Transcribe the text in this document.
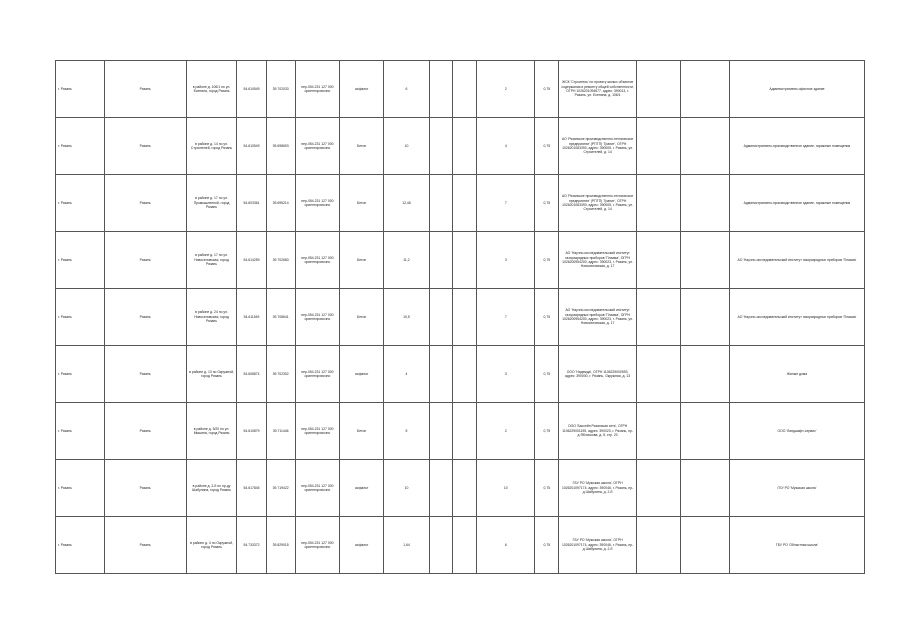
г. Рязань	Рязань	в районе д. 106/1 по ул. Есенина, город Рязань	54.610549	39.702033	нер-054.231 127 000 ориентировочно	асфальт	6			2	0,75	ЖСК 'Строитель' по проекту жилых объектов содержания и ремонту общей собственности, ОГРН 1026201094677, адрес: 390013, г. Рязань, ул. Есенина, д. 106/1			Административно-офисное здание
г. Рязань	Рязань	в районе д. 14 по ул. Строителей, город Рязань	54.610549	39.698693	нер-054.231 127 000 ориентировочно	Бетон	10			4	0,75	АО 'Рязанское производственно-техническое предприятие' (РПТП) 'Гранит', ОГРН 1026201083390, адрес: 390005, г. Рязань, ул. Строителей, д. 14			Административно-производственное здание, гаражные помещения
г. Рязань	Рязань	в районе д. 17 по ул. Промышленной, город Рязань	54.603361	39.695214	нер-054.231 127 000 ориентировочно	Бетон	12,46			7	0,75	АО 'Рязанское производственно-техническое предприятие' (РПТП) 'Гранит', ОГРН 1026201083390, адрес: 390005, г. Рязань, ул. Строителей, д. 14			Административно-производственное здание, гаражные помещения
г. Рязань	Рязань	в районе д. 17 по ул. Новоселовская, город Рязань	54.614259	39.702683	нер-054.231 127 000 ориентировочно	Бетон	11,2			3	0,75	АО 'Научно-исследовательский институт газоразрядных приборов 'Плазма', ОГРН 1026200954200, адрес: 390023, г. Рязань, ул. Новоселовская, д. 17			АО 'Научно-исследовательский институт газоразрядных приборов 'Плазма'
г. Рязань	Рязань	в районе д. 24 по ул. Новоселовская, город Рязань	54.611549	39.708641	нер-054.231 127 000 ориентировочно	Бетон	10,5			7	0,75	АО 'Научно-исследовательский институт газоразрядных приборов 'Плазма', ОГРН 1026200954200, адрес: 390023, г. Рязань, ул. Новоселовская, д. 17			АО 'Научно-исследовательский институт газоразрядных приборов 'Плазма'
г. Рязань	Рязань	в районе д. 13 по Окружной, город Рязань	54.608874	39.702302	нер-054.231 127 000 ориентировочно	асфальт	4			3	0,75	ООО 'Надежда', ОГРН 1106229000593, адрес: 390000, г. Рязань, Окружная, д. 13			Жилые дома
г. Рязань	Рязань	в районе д. 5/20 по ул. Мишина, город Рязань	54.610879	39.711446	нер-054.231 127 000 ориентировочно	Бетон	5			2	0,75	ООО 'Бассейн Рязанская сеть', ОГРН 1106229001195, адрес: 390023, г. Рязань, пр-д Яблочкова, д. 5, стр. 20			ООО 'Ландшафт-сервис'
г. Рязань	Рязань	в районе д. 2-б по пр-ду Шабулина, город Рязань	54.617845	39.719422	нер-054.231 127 000 ориентировочно	асфальт	10			10	0,75	ГБУ РО 'Мужская школа', ОГРН 1026201097174, адрес: 390046, г. Рязань, пр-д Шабулина, д. 2-б			ГБУ РО 'Мужская школа'
г. Рязань	Рязань	в районе д. 4 по Окружной, город Рязань	54.733372	39.829015	нер-054.231 127 000 ориентировочно	асфальт	1,64			6	0,75	ГБУ РО 'Мужская школа', ОГРН 1026201097174, адрес: 390046, г. Рязань, пр-д Шабулина, д. 2-б			ГБУ РО 'Областная школа'
